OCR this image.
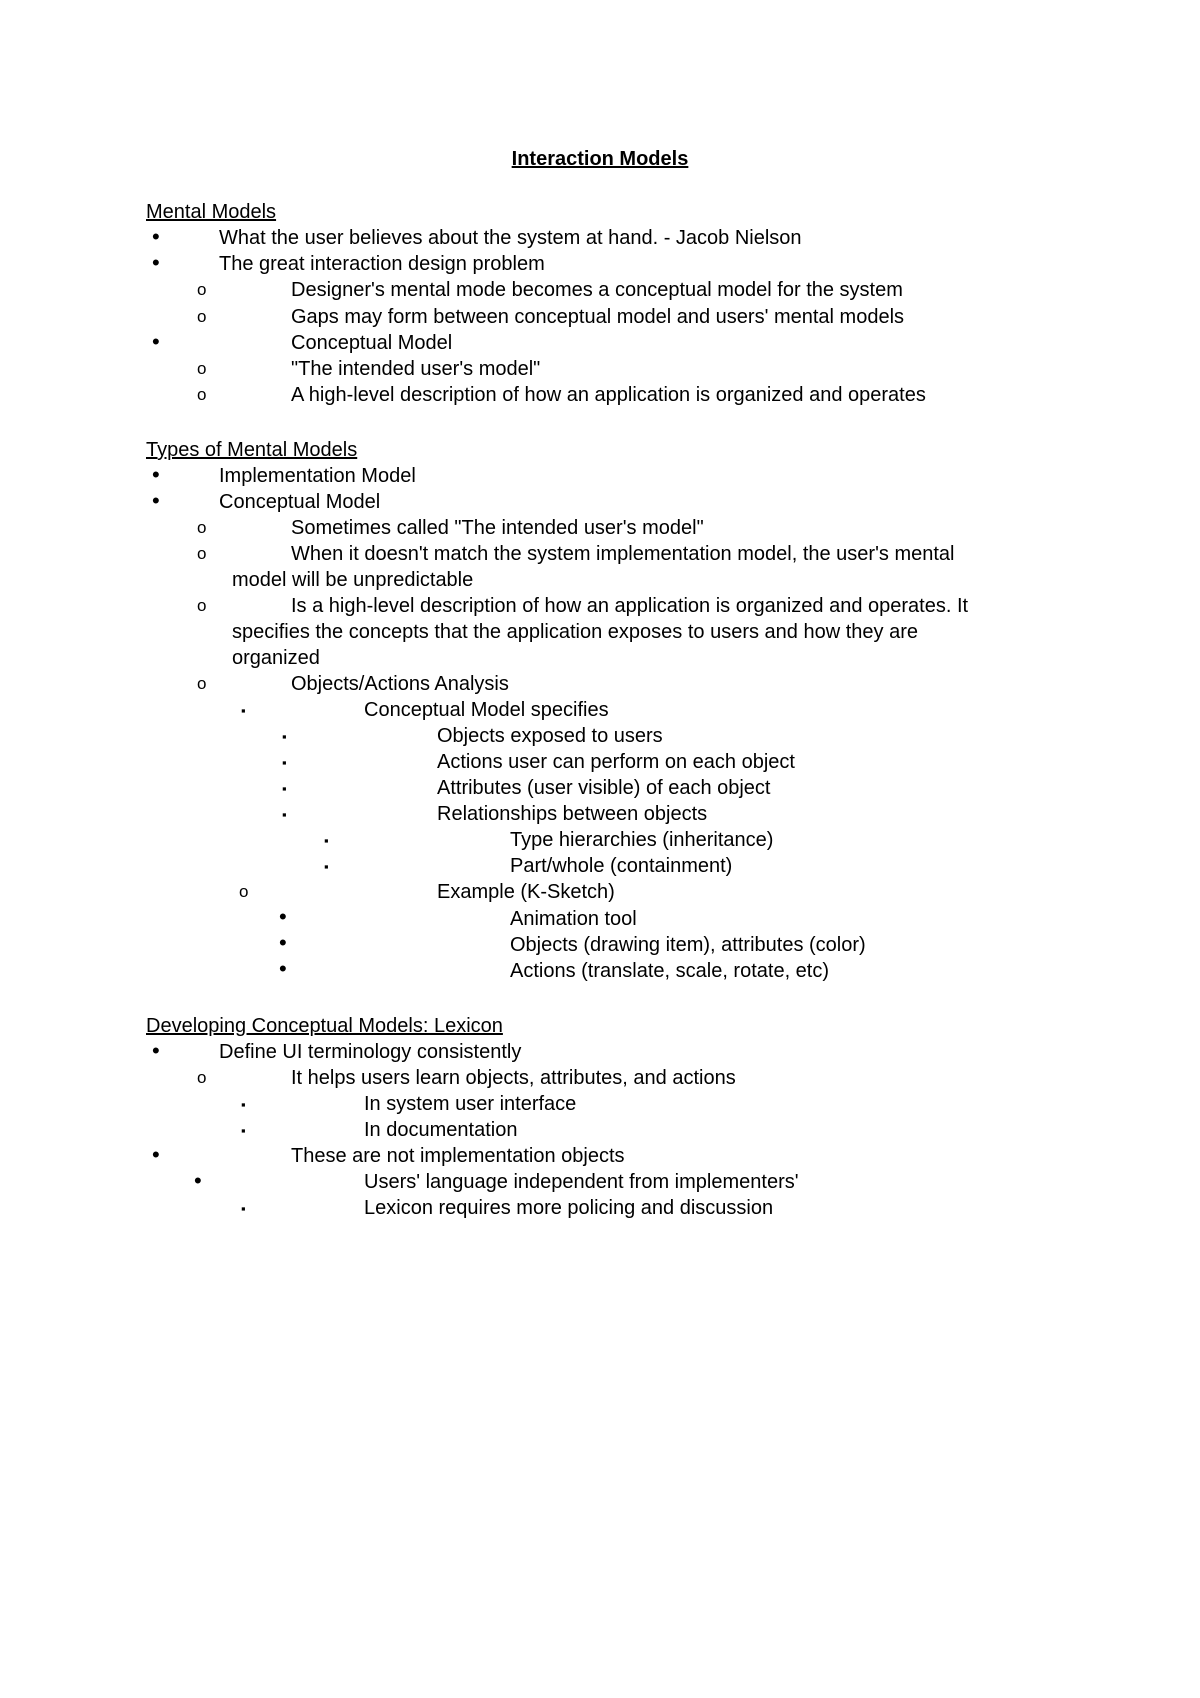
Interaction Models
Mental Models
•	What the user believes about the system at hand. - Jacob Nielson
•	The great interaction design problem
o	Designer's mental mode becomes a conceptual model for the system
o	Gaps may form between conceptual model and users' mental models
•	Conceptual Model
o	"The intended user's model"
o	A high-level description of how an application is organized and operates
Types of Mental Models
•	Implementation Model
•	Conceptual Model
o	Sometimes called "The intended user's model"
o	When it doesn't match the system implementation model, the user's mental
model will be unpredictable
o	Is a high-level description of how an application is organized and operates. It
specifies the concepts that the application exposes to users and how they are
organized
o	Objects/Actions Analysis
▪	Conceptual Model specifies
▪	Objects exposed to users
▪	Actions user can perform on each object
▪	Attributes (user visible) of each object
▪	Relationships between objects
▪	Type hierarchies (inheritance)
▪	Part/whole (containment)
o	Example (K-Sketch)
•	Animation tool
•	Objects (drawing item), attributes (color)
•	Actions (translate, scale, rotate, etc)
Developing Conceptual Models: Lexicon
•	Define UI terminology consistently
o	It helps users learn objects, attributes, and actions
▪	In system user interface
▪	In documentation
•	These are not implementation objects
•	Users' language independent from implementers'
▪	Lexicon requires more policing and discussion
